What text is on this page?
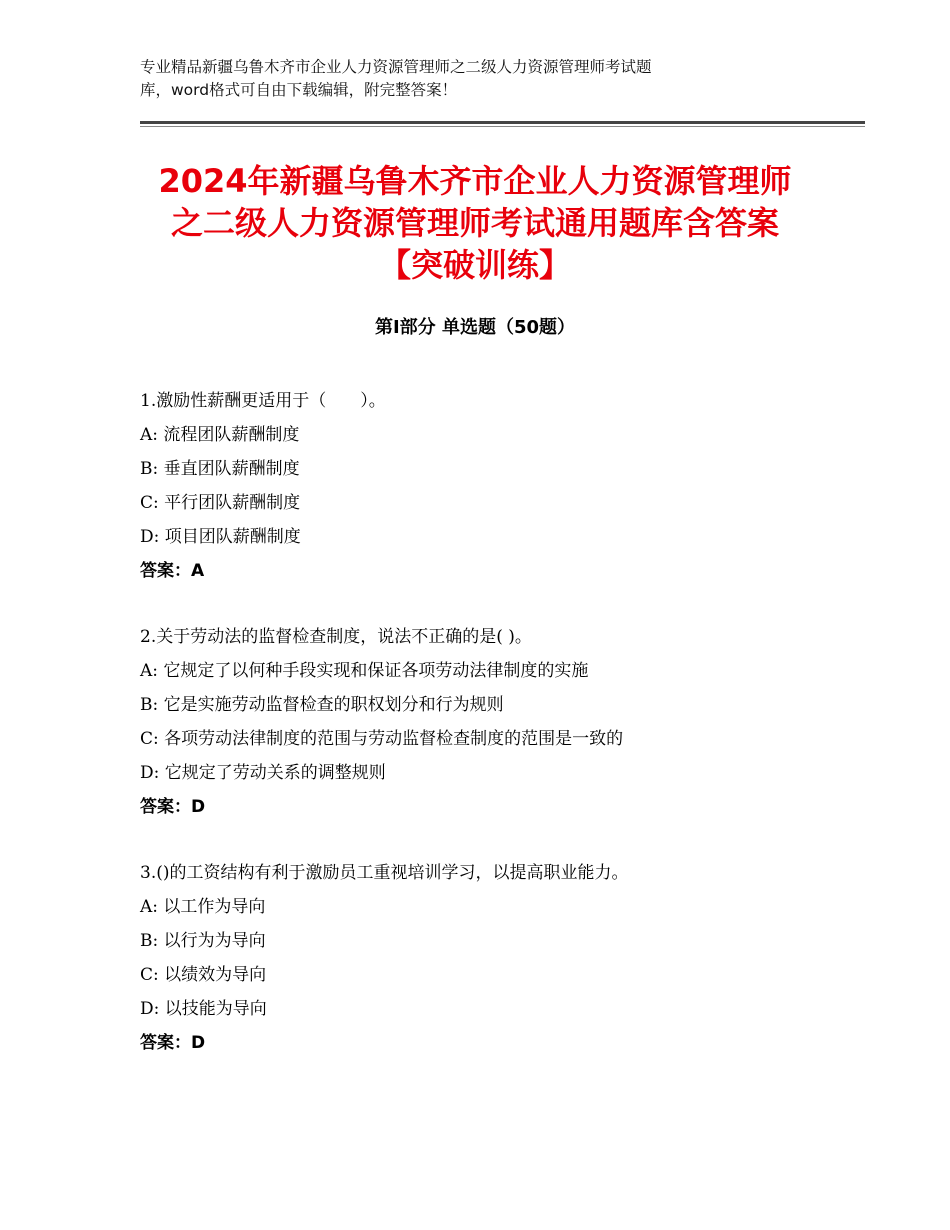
专业精品新疆乌鲁木齐市企业人力资源管理师之二级人力资源管理师考试题
库，word格式可自由下载编辑，附完整答案！
2024年新疆乌鲁木齐市企业人力资源管理师
之二级人力资源管理师考试通用题库含答案
【突破训练】
第Ⅰ部分 单选题（50题）
1.激励性薪酬更适用于（　　）。
A: 流程团队薪酬制度
B: 垂直团队薪酬制度
C: 平行团队薪酬制度
D: 项目团队薪酬制度
答案：A
2.关于劳动法的监督检查制度，说法不正确的是( )。
A: 它规定了以何种手段实现和保证各项劳动法律制度的实施
B: 它是实施劳动监督检查的职权划分和行为规则
C: 各项劳动法律制度的范围与劳动监督检查制度的范围是一致的
D: 它规定了劳动关系的调整规则
答案：D
3.()的工资结构有利于激励员工重视培训学习，以提高职业能力。
A: 以工作为导向
B: 以行为为导向
C: 以绩效为导向
D: 以技能为导向
答案：D
